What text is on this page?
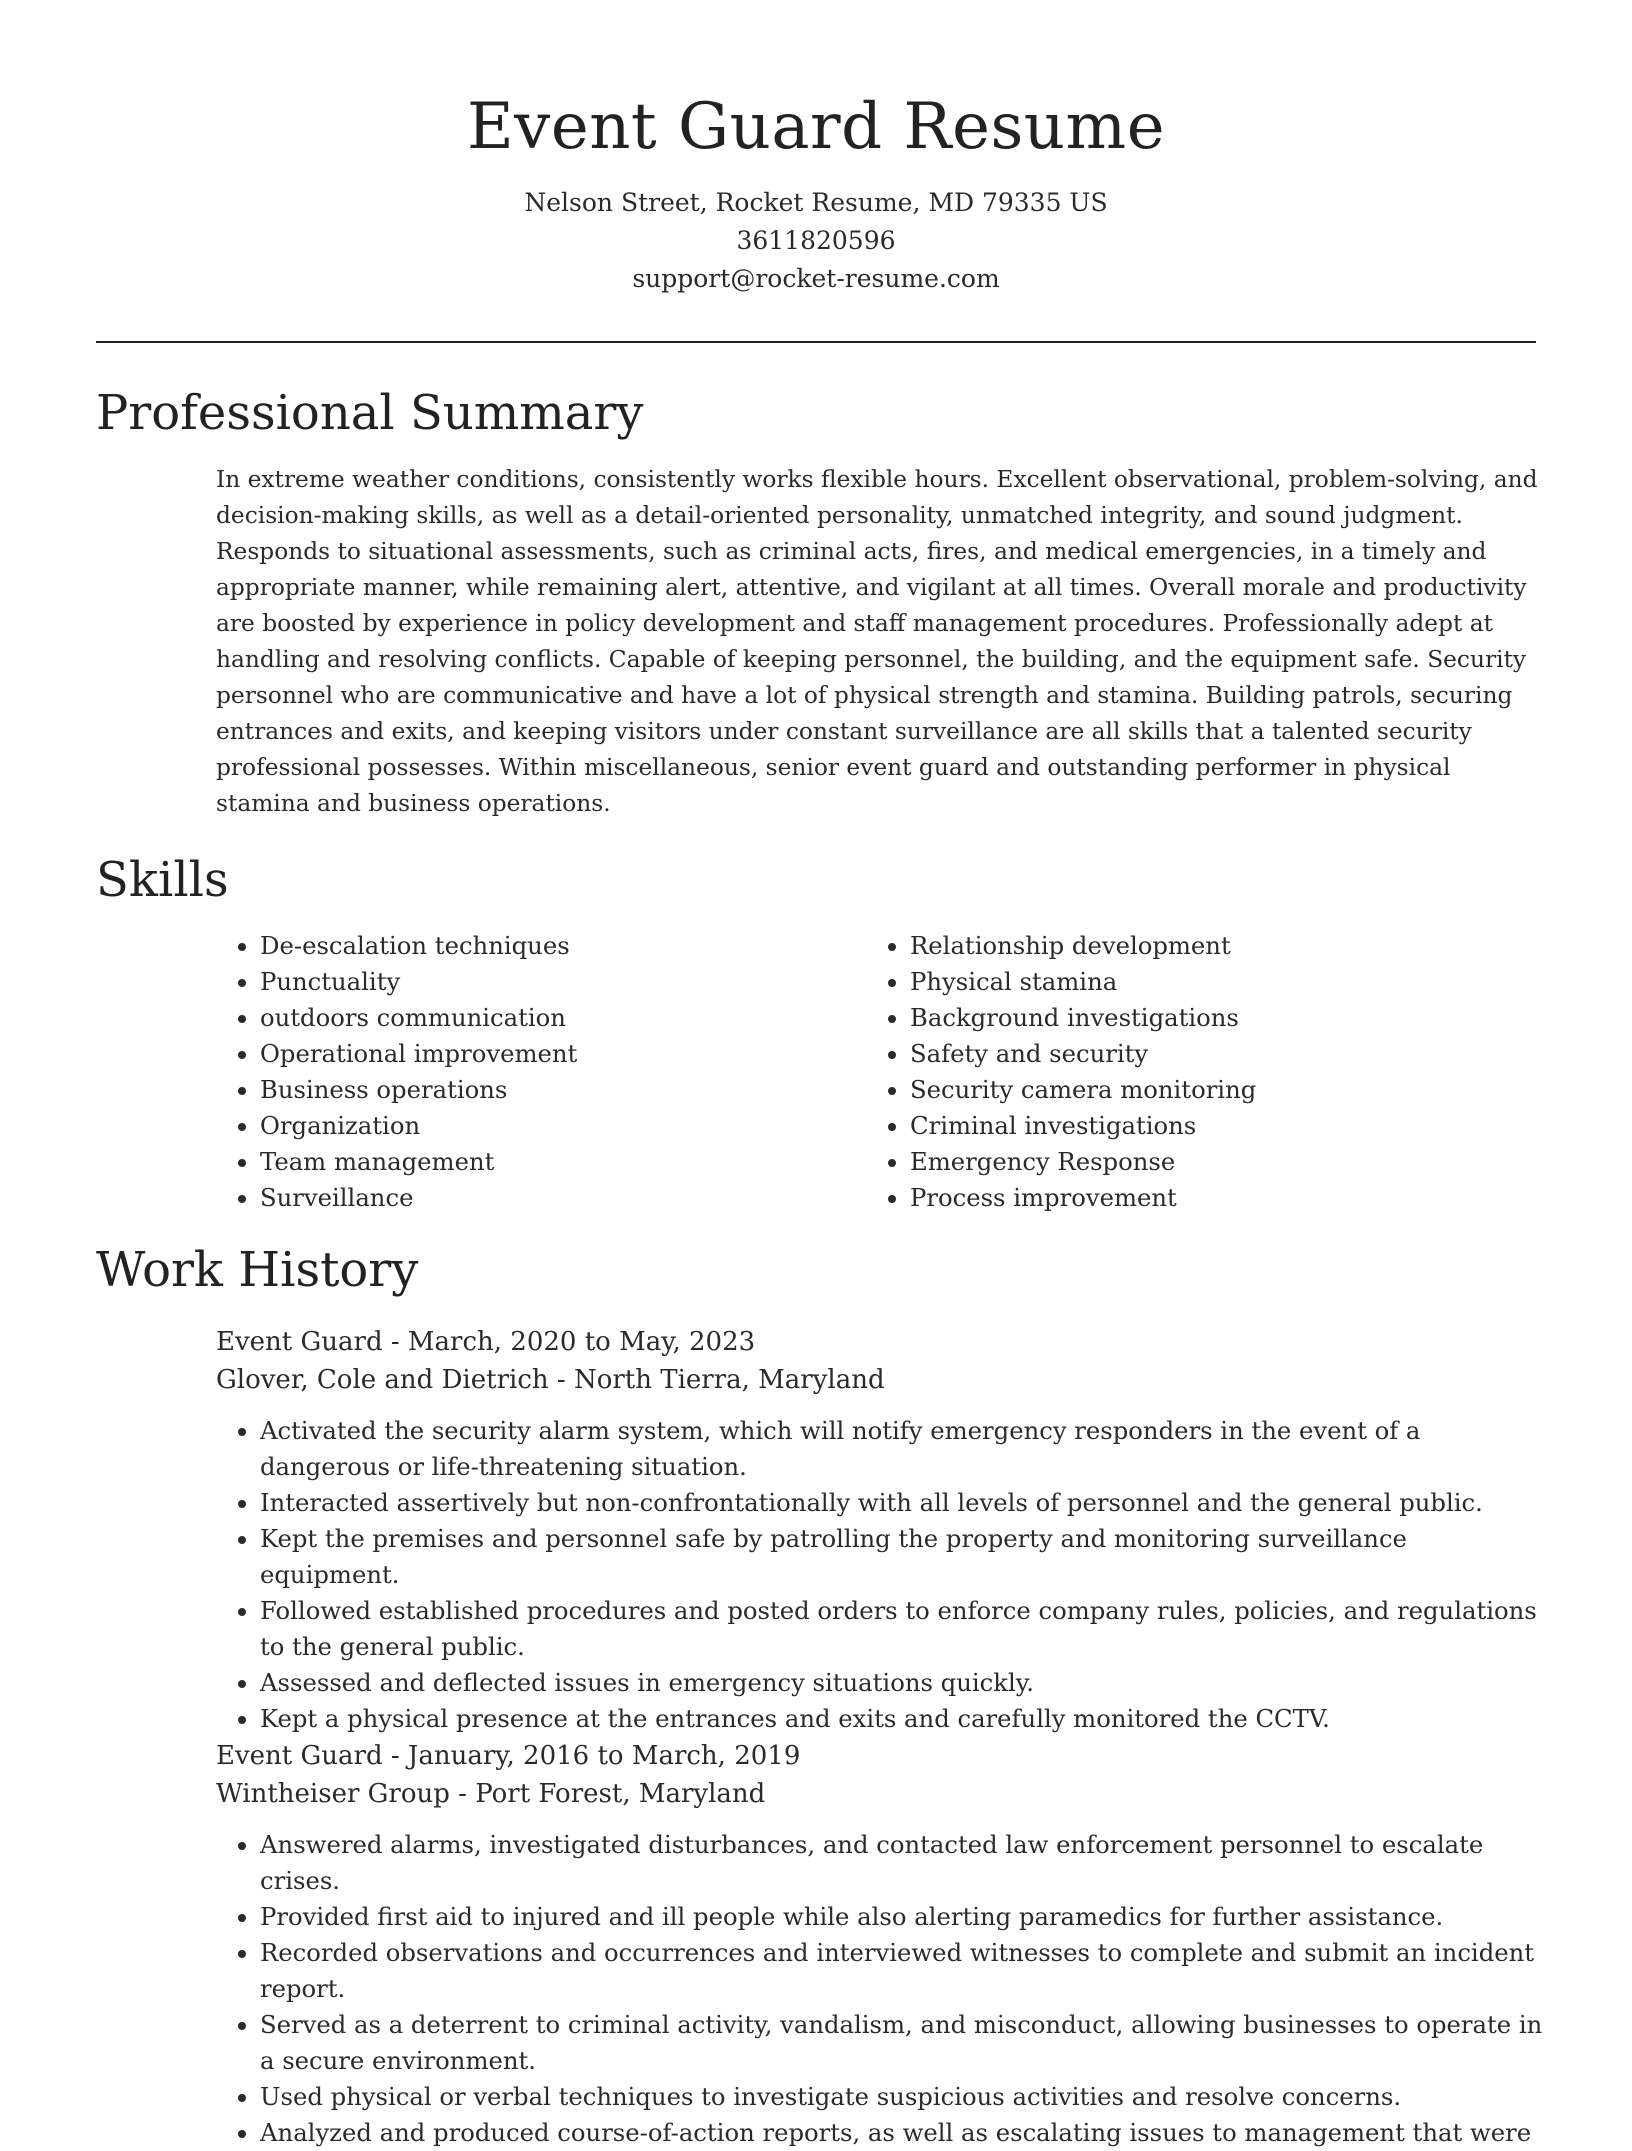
Event Guard Resume
Nelson Street, Rocket Resume, MD 79335 US
3611820596
support@rocket-resume.com
Professional Summary

In extreme weather conditions, consistently works flexible hours. Excellent observational, problem-solving, and decision-making skills, as well as a detail-oriented personality, unmatched integrity, and sound judgment. Responds to situational assessments, such as criminal acts, fires, and medical emergencies, in a timely and appropriate manner, while remaining alert, attentive, and vigilant at all times. Overall morale and productivity are boosted by experience in policy development and staff management procedures. Professionally adept at handling and resolving conflicts. Capable of keeping personnel, the building, and the equipment safe. Security personnel who are communicative and have a lot of physical strength and stamina. Building patrols, securing entrances and exits, and keeping visitors under constant surveillance are all skills that a talented security professional possesses. Within miscellaneous, senior event guard and outstanding performer in physical stamina and business operations.

Skills
• De-escalation techniques
• Punctuality
• outdoors communication
• Operational improvement
• Business operations
• Organization
• Team management
• Surveillance
• Relationship development
• Physical stamina
• Background investigations
• Safety and security
• Security camera monitoring
• Criminal investigations
• Emergency Response
• Process improvement
Work History

Event Guard - March, 2020 to May, 2023

Glover, Cole and Dietrich - North Tierra, Maryland

• Activated the security alarm system, which will notify emergency responders in the event of a dangerous or life-threatening situation.
• Interacted assertively but non-confrontationally with all levels of personnel and the general public.
• Kept the premises and personnel safe by patrolling the property and monitoring surveillance equipment.
• Followed established procedures and posted orders to enforce company rules, policies, and regulations to the general public.
• Assessed and deflected issues in emergency situations quickly.
• Kept a physical presence at the entrances and exits and carefully monitored the CCTV.

Event Guard - January, 2016 to March, 2019

Wintheiser Group - Port Forest, Maryland

• Answered alarms, investigated disturbances, and contacted law enforcement personnel to escalate crises.
• Provided first aid to injured and ill people while also alerting paramedics for further assistance.
• Recorded observations and occurrences and interviewed witnesses to complete and submit an incident report.
• Served as a deterrent to criminal activity, vandalism, and misconduct, allowing businesses to operate in a secure environment.
• Used physical or verbal techniques to investigate suspicious activities and resolve concerns.
• Analyzed and produced course-of-action reports, as well as escalating issues to management that were
